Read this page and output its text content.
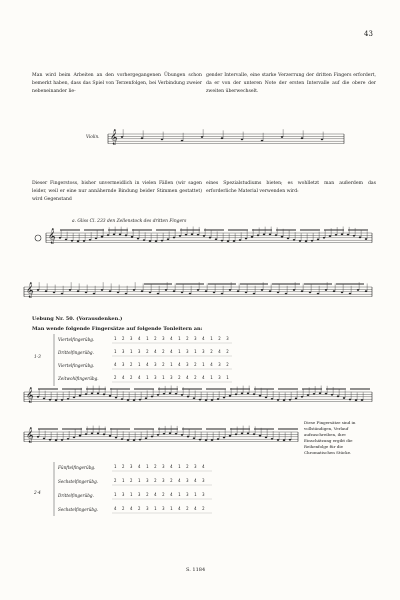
43
Man wird beim Arbeiten an den vorhergegangenen Übungen schon bemerkt haben, dass das Spiel von Terzenfolgen, bei Verbindung zweier nebeneinander lie-
gender Intervalle, eine starke Verzerrung der dritten Fingers erfordert, da er von der unteren Note der ersten Intervalle auf die obere der zweiten überwechselt.
Violin.
Dieser Fingerstoss, bisher unvermeidlich in vielen Fällen (wir sagen leider, weil er eine nur annähernde Bindung beider Stimmen gestattet) wird Gegenstand
eines Spezialstudiums bieten; es wohlletzt man außerdem das erforderliche Material verwenden wird:
a. Gliss Cl. 233 den Zellenstock des dritten Fingers
Uebung Nr. 50. (Vorausdenken.)
Man wende folgende Fingersätze auf folgende Tonleitern an:
1-3
Viertelfingerübg.
Drittelfingerübg.
Viertelfingerübg.
Zeitwohlfingerübg.
1 2 3 4 1 2 3 4 1 2 3 4 1 2 3
1 3 1 3 2 4 2 4 1 3 1 3 2 4 2
4 3 2 1 4 3 2 1 4 3 2 1 4 3 2
2 4 2 4 1 3 1 3 2 4 2 4 1 3 1
Diese Fingersätze sind in vollständigen, Verlauf aufzuschreiben, ihre Einschätzung ergibt die Reihenfolge für die Chromatischen Stücke.
2-4
Fünftelfingerübg.
Sechstelfingerübg.
Drittelfingerübg.
Sechstelfingerübg.
1 2 3 4 1 2 3 4 1 2 3 4
2 1 2 1 3 2 3 2 4 3 4 3
1 3 1 3 2 4 2 4 1 3 1 3
4 2 4 2 3 1 3 1 4 2 4 2
S. 1184
𝄞
𝄞
𝄞
𝄞
𝄞
